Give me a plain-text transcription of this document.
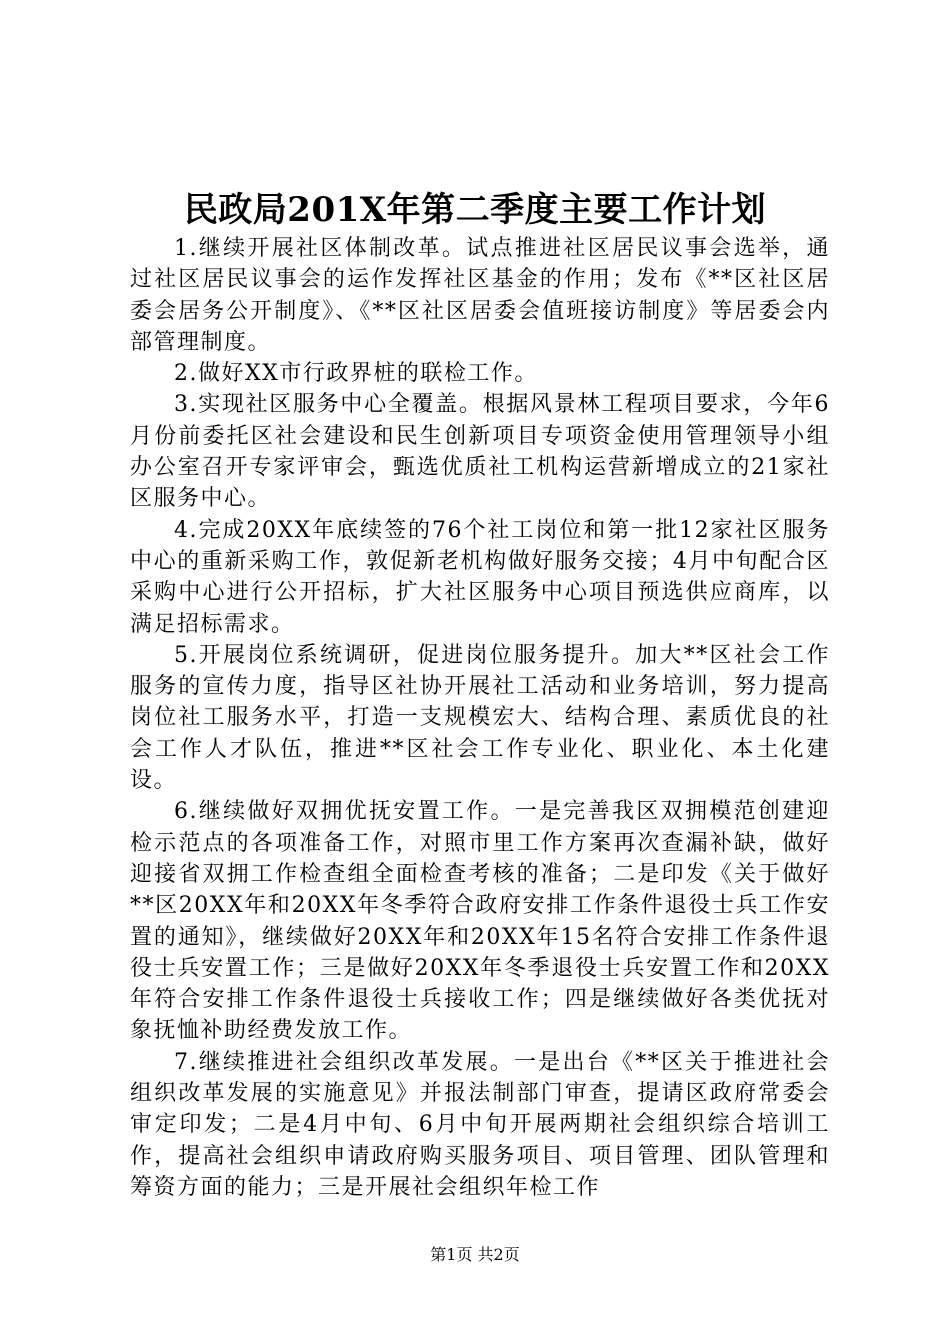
民政局201X年第二季度主要工作计划

1.继续开展社区体制改革。试点推进社区居民议事会选举，通过社区居民议事会的运作发挥社区基金的作用；发布《**区社区居委会居务公开制度》、《**区社区居委会值班接访制度》等居委会内部管理制度。

2.做好XX市行政界桩的联检工作。

3.实现社区服务中心全覆盖。根据风景林工程项目要求，今年6月份前委托区社会建设和民生创新项目专项资金使用管理领导小组办公室召开专家评审会，甄选优质社工机构运营新增成立的21家社区服务中心。

4.完成20XX年底续签的76个社工岗位和第一批12家社区服务中心的重新采购工作，敦促新老机构做好服务交接；4月中旬配合区采购中心进行公开招标，扩大社区服务中心项目预选供应商库，以满足招标需求。

5.开展岗位系统调研，促进岗位服务提升。加大**区社会工作服务的宣传力度，指导区社协开展社工活动和业务培训，努力提高岗位社工服务水平，打造一支规模宏大、结构合理、素质优良的社会工作人才队伍，推进**区社会工作专业化、职业化、本土化建设。

6.继续做好双拥优抚安置工作。一是完善我区双拥模范创建迎检示范点的各项准备工作，对照市里工作方案再次查漏补缺，做好迎接省双拥工作检查组全面检查考核的准备；二是印发《关于做好**区20XX年和20XX年冬季符合政府安排工作条件退役士兵工作安置的通知》，继续做好20XX年和20XX年15名符合安排工作条件退役士兵安置工作；三是做好20XX年冬季退役士兵安置工作和20XX年符合安排工作条件退役士兵接收工作；四是继续做好各类优抚对象抚恤补助经费发放工作。

7.继续推进社会组织改革发展。一是出台《**区关于推进社会组织改革发展的实施意见》并报法制部门审查，提请区政府常委会审定印发；二是4月中旬、6月中旬开展两期社会组织综合培训工作，提高社会组织申请政府购买服务项目、项目管理、团队管理和筹资方面的能力；三是开展社会组织年检工作

第1页 共2页
